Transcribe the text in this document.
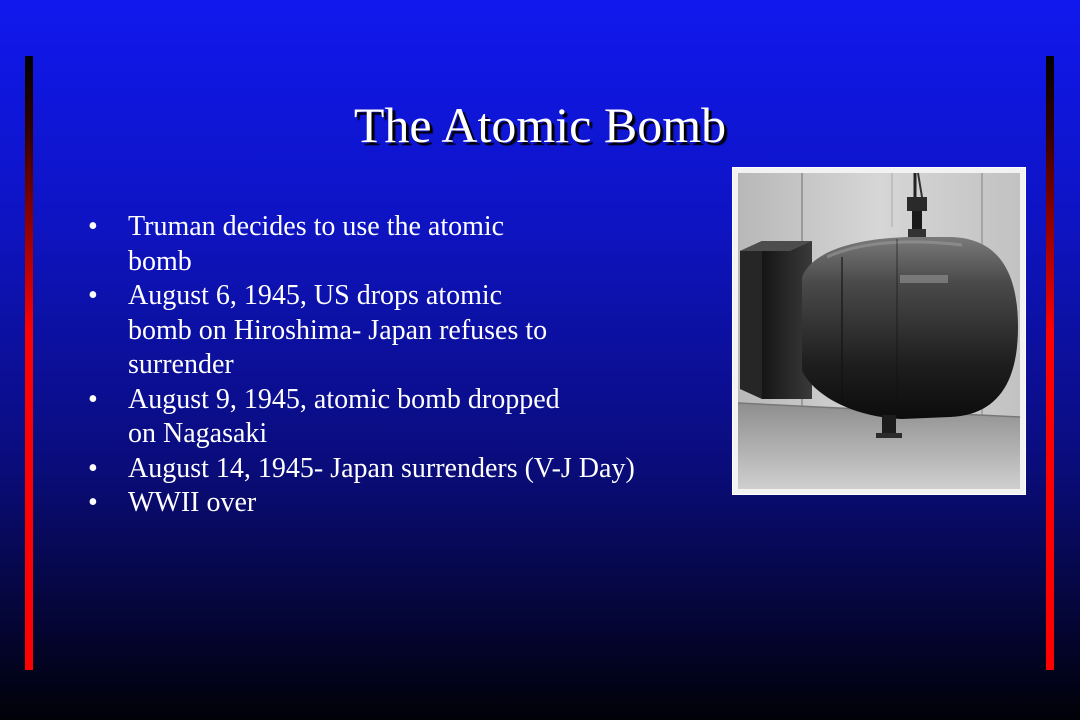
The Atomic Bomb
• Truman decides to use the atomic
bomb
• August 6, 1945, US drops atomic
bomb on Hiroshima- Japan refuses to
surrender
• August 9, 1945, atomic bomb dropped
on Nagasaki
• August 14, 1945- Japan surrenders (V-J Day)
• WWII over
